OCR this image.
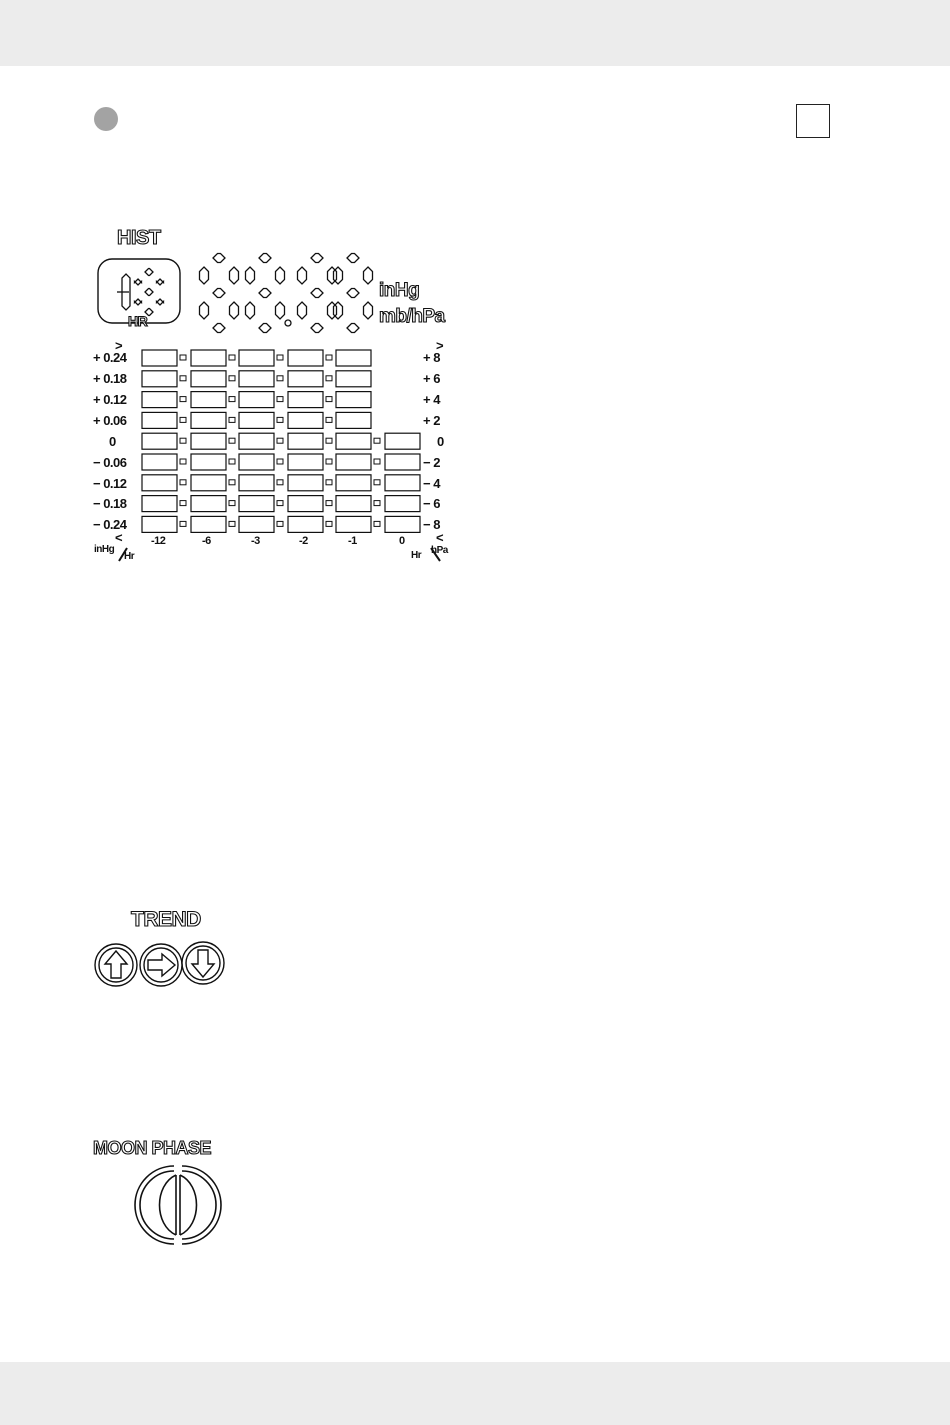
HIST
HR
inHg
mb/hPa
>
+ 0.24
+ 0.18
+ 0.12
+ 0.06
0
− 0.06
− 0.12
− 0.18
− 0.24
<
inHg
Hr
>
+ 8
+ 6
+ 4
+ 2
0
− 2
− 4
− 6
− 8
<
Hr hPa
-12	-6	-3	-2	-1	0
TREND
MOON PHASE
